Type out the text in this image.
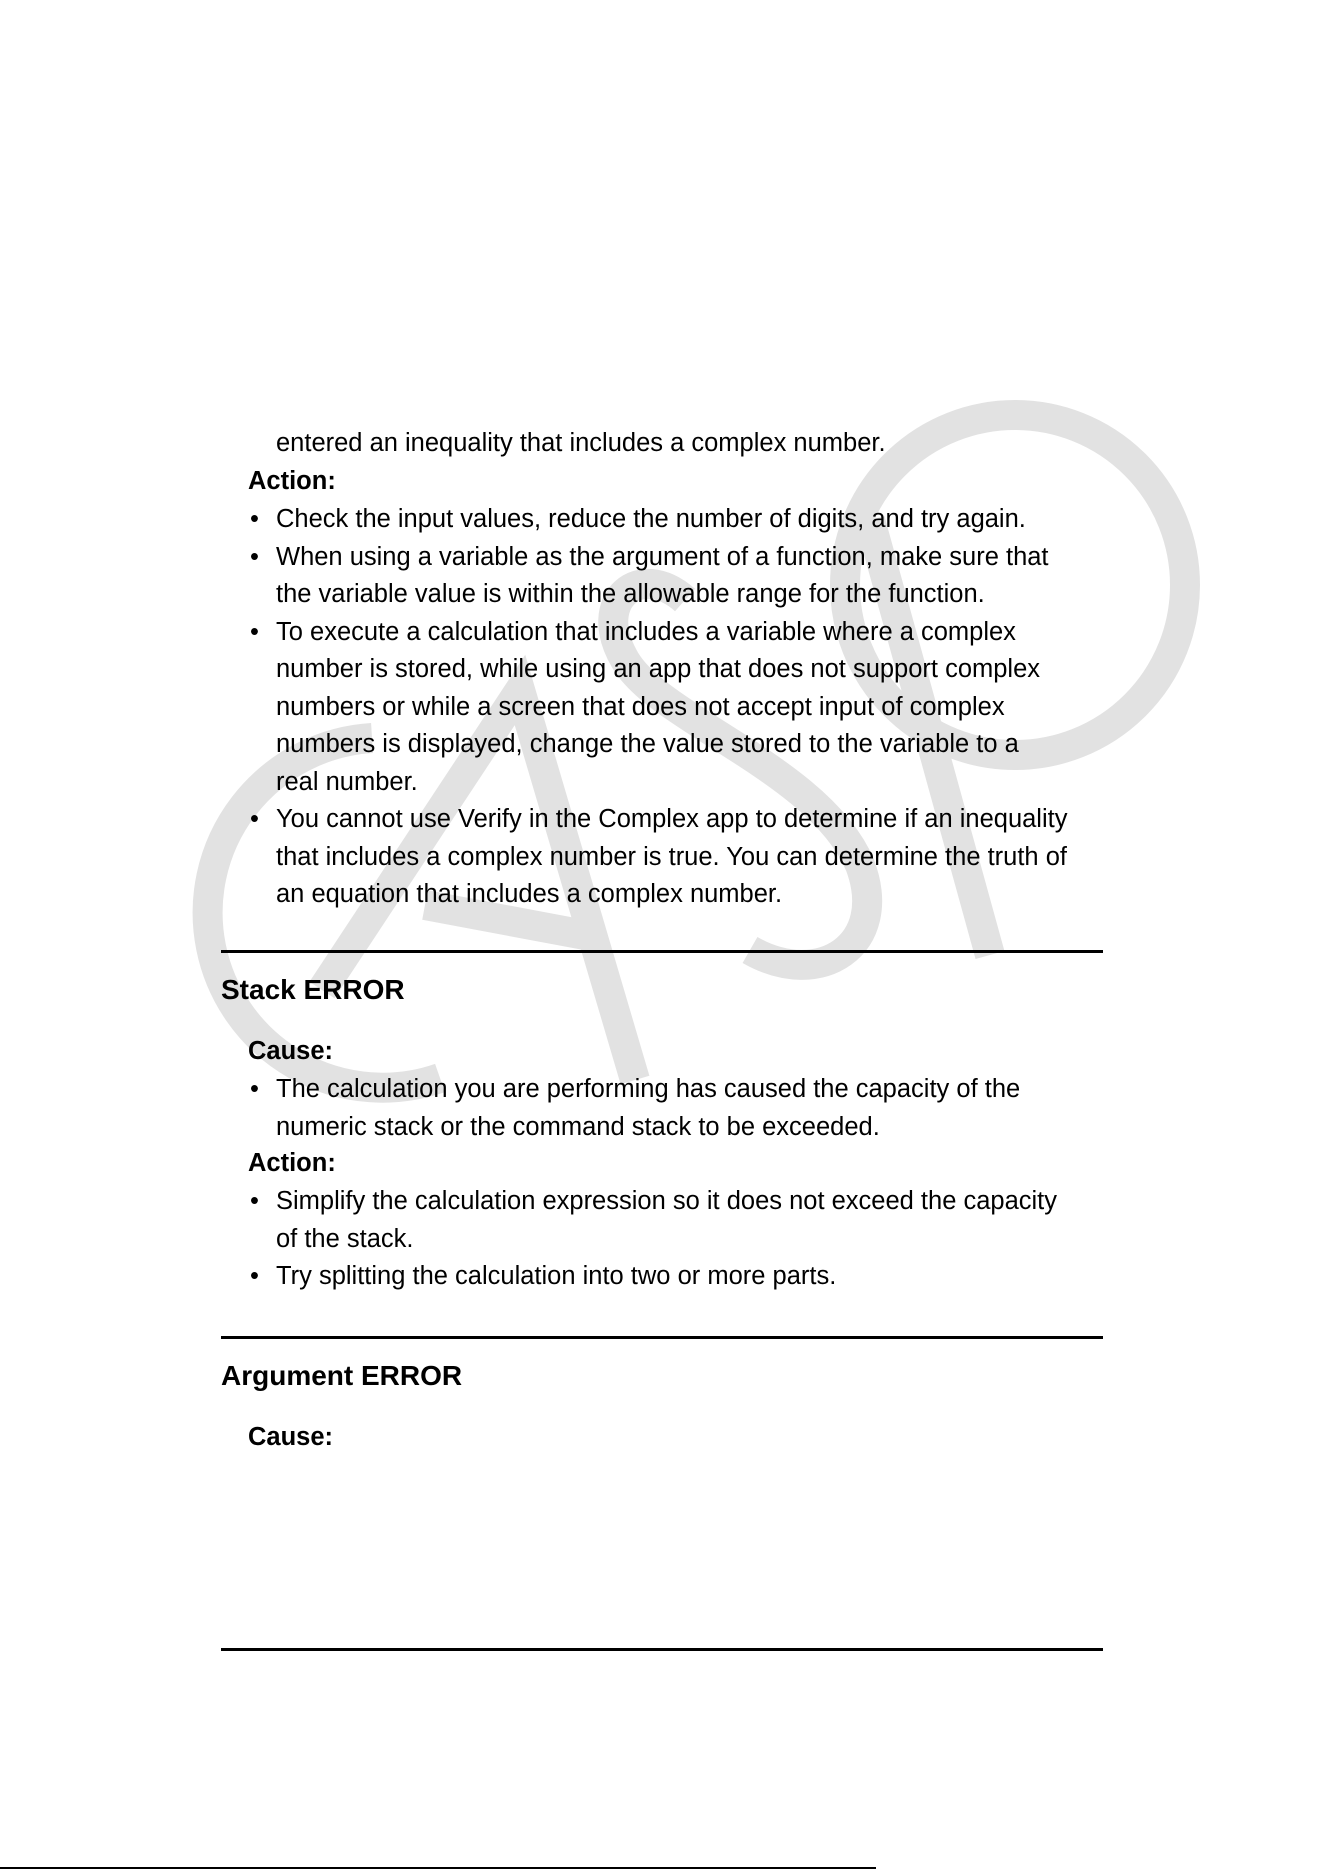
entered an inequality that includes a complex number.
Action:
• Check the input values, reduce the number of digits, and try again.
• When using a variable as the argument of a function, make sure that
the variable value is within the allowable range for the function.
• To execute a calculation that includes a variable where a complex
number is stored, while using an app that does not support complex
numbers or while a screen that does not accept input of complex
numbers is displayed, change the value stored to the variable to a
real number.
• You cannot use Verify in the Complex app to determine if an inequality
that includes a complex number is true. You can determine the truth of
an equation that includes a complex number.
Stack ERROR
Cause:
• The calculation you are performing has caused the capacity of the
numeric stack or the command stack to be exceeded.
Action:
• Simplify the calculation expression so it does not exceed the capacity
of the stack.
• Try splitting the calculation into two or more parts.
Argument ERROR
Cause:
